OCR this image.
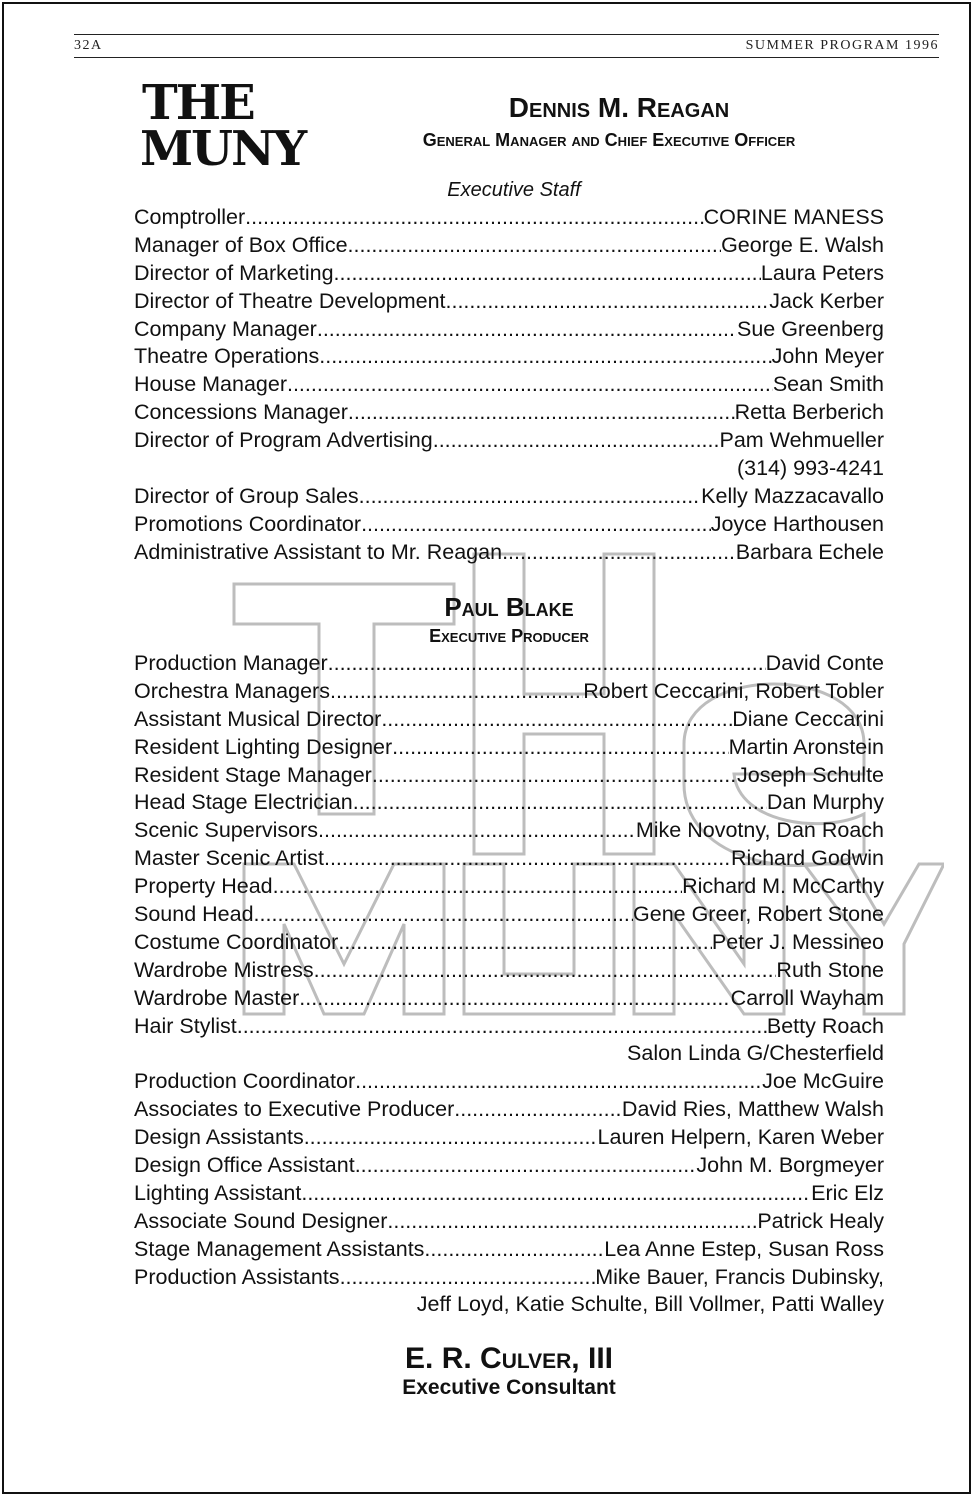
32A	SUMMER PROGRAM 1996
THE
MUNY
Dennis M. Reagan
General Manager and Chief Executive Officer
Executive Staff
Comptroller .....	CORINE MANESS
Manager of Box Office .....	George E. Walsh
Director of Marketing .....	Laura Peters
Director of Theatre Development .....	Jack Kerber
Company Manager .....	Sue Greenberg
Theatre Operations .....	John Meyer
House Manager .....	Sean Smith
Concessions Manager .....	Retta Berberich
Director of Program Advertising .....	Pam Wehmueller
(314) 993-4241
Director of Group Sales .....	Kelly Mazzacavallo
Promotions Coordinator .....	Joyce Harthousen
Administrative Assistant to Mr. Reagan .....	Barbara Echele
Paul Blake
Executive Producer
Production Manager .....	David Conte
Orchestra Managers .....	Robert Ceccarini, Robert Tobler
Assistant Musical Director .....	Diane Ceccarini
Resident Lighting Designer .....	Martin Aronstein
Resident Stage Manager .....	Joseph Schulte
Head Stage Electrician .....	Dan Murphy
Scenic Supervisors .....	Mike Novotny, Dan Roach
Master Scenic Artist .....	Richard Godwin
Property Head .....	Richard M. McCarthy
Sound Head .....	Gene Greer, Robert Stone
Costume Coordinator .....	Peter J. Messineo
Wardrobe Mistress .....	Ruth Stone
Wardrobe Master .....	Carroll Wayham
Hair Stylist .....	Betty Roach
Salon Linda G/Chesterfield
Production Coordinator .....	Joe McGuire
Associates to Executive Producer .....	David Ries, Matthew Walsh
Design Assistants .....	Lauren Helpern, Karen Weber
Design Office Assistant .....	John M. Borgmeyer
Lighting Assistant .....	Eric Elz
Associate Sound Designer .....	Patrick Healy
Stage Management Assistants .....	Lea Anne Estep, Susan Ross
Production Assistants .....	Mike Bauer, Francis Dubinsky,
Jeff Loyd, Katie Schulte, Bill Vollmer, Patti Walley
E. R. Culver, III
Executive Consultant
